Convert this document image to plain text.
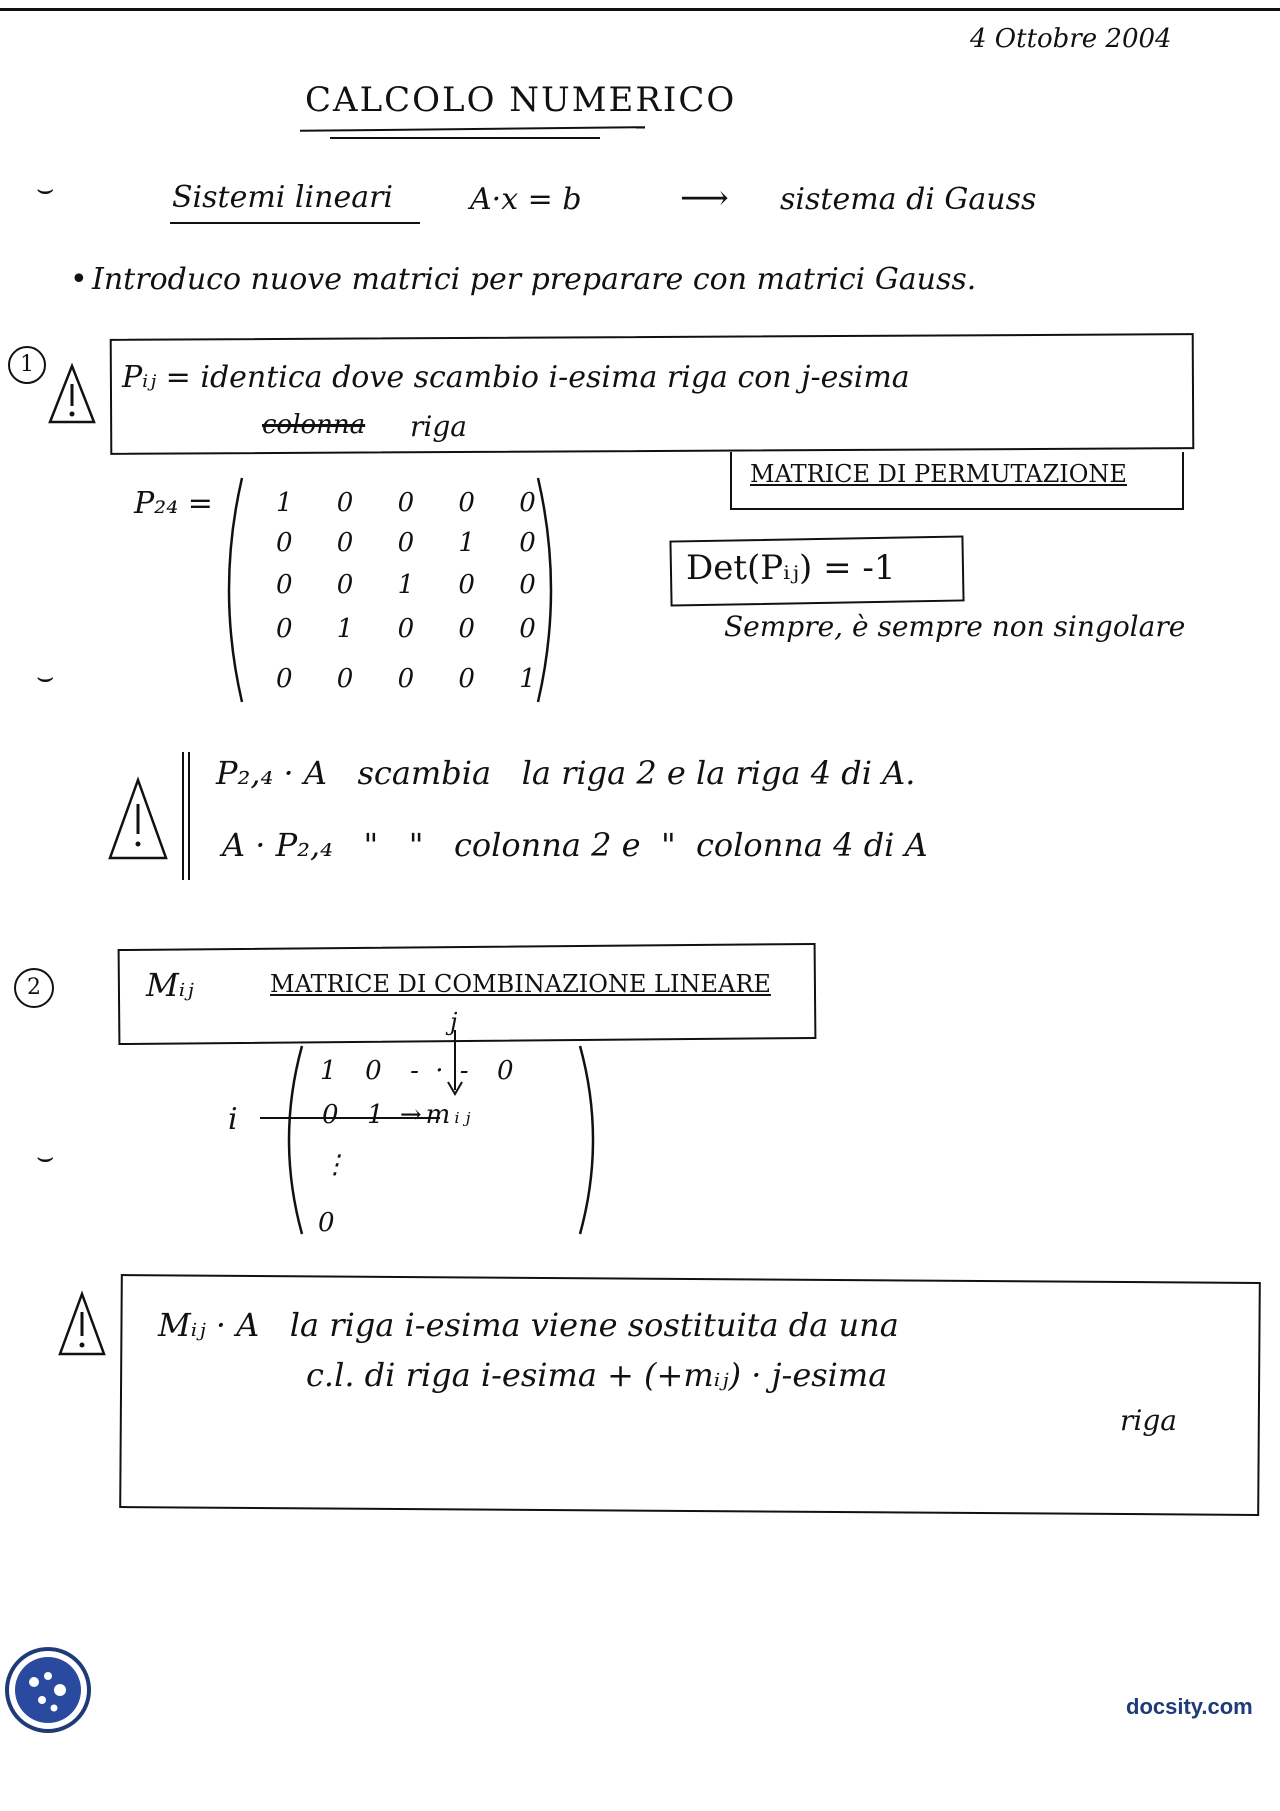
4 Ottobre 2004
CALCOLO NUMERICO
Sistemi lineari	A·x = b	⟶ sistema di Gauss
• Introduco nuove matrici per preparare con matrici Gauss.
⌣
⌣
⌣
1	Pᵢⱼ = identica dove scambio i-esima riga con j-esima
colonna riga
MATRICE DI PERMUTAZIONE
P₂₄ = 1 0 0 0 0
0 0 0 1 0
0 0 1 0 0
0 1 0 0 0
0 0 0 0 1
Det(Pᵢⱼ) = -1
Sempre, è sempre non singolare
P₂,₄ · A   scambia   la riga 2 e la riga 4 di A.
A · P₂,₄   "   "   colonna 2 e  "  colonna 4 di A
2	Mᵢⱼ	MATRICE DI COMBINAZIONE LINEARE
j
i
1  0  - · -  0
0  1 →mᵢⱼ
⋮
0
Mᵢⱼ · A   la riga i-esima viene sostituita da una
c.l. di riga i-esima + (+mᵢⱼ) · j-esima
riga
docsity.com
